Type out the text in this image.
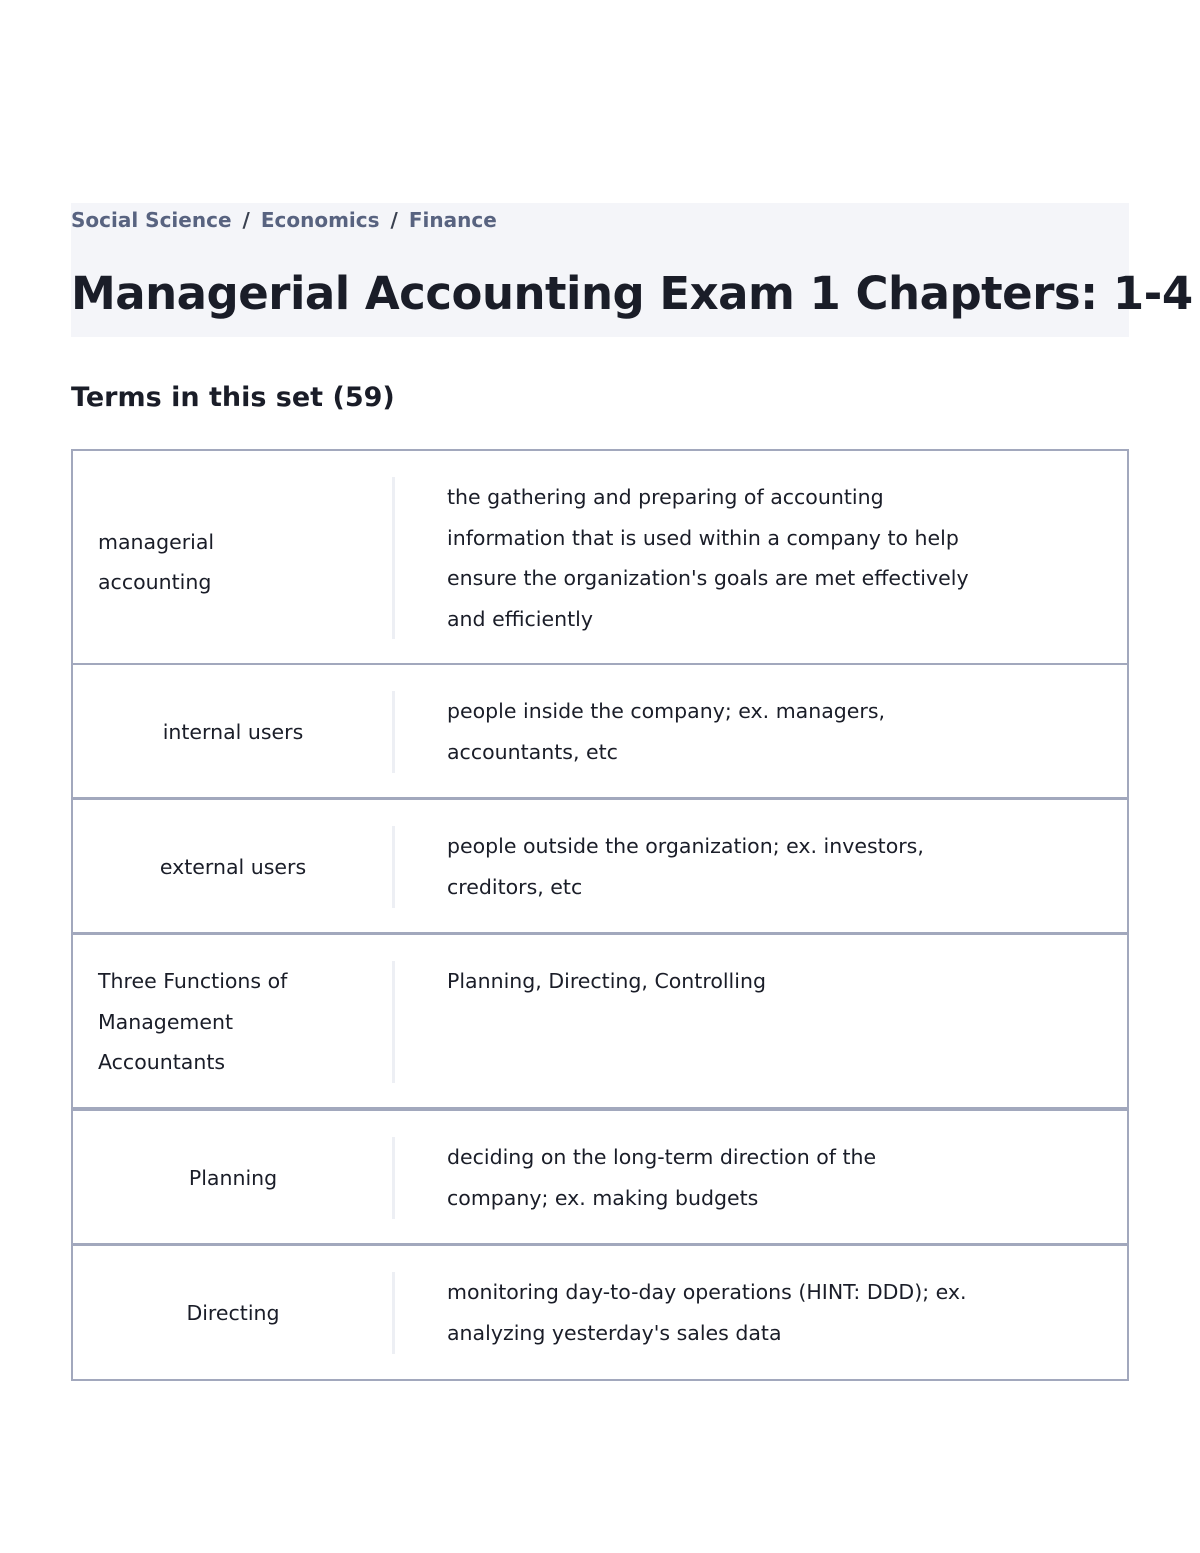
Social Science / Economics / Finance
Managerial Accounting Exam 1 Chapters: 1-4
Terms in this set (59)
managerial accounting
the gathering and preparing of accounting information that is used within a company to help ensure the organization's goals are met effectively and efficiently
internal users
people inside the company; ex. managers, accountants, etc
external users
people outside the organization; ex. investors, creditors, etc
Three Functions of Management Accountants
Planning, Directing, Controlling
Planning
deciding on the long-term direction of the company; ex. making budgets
Directing
monitoring day-to-day operations (HINT: DDD); ex. analyzing yesterday's sales data
